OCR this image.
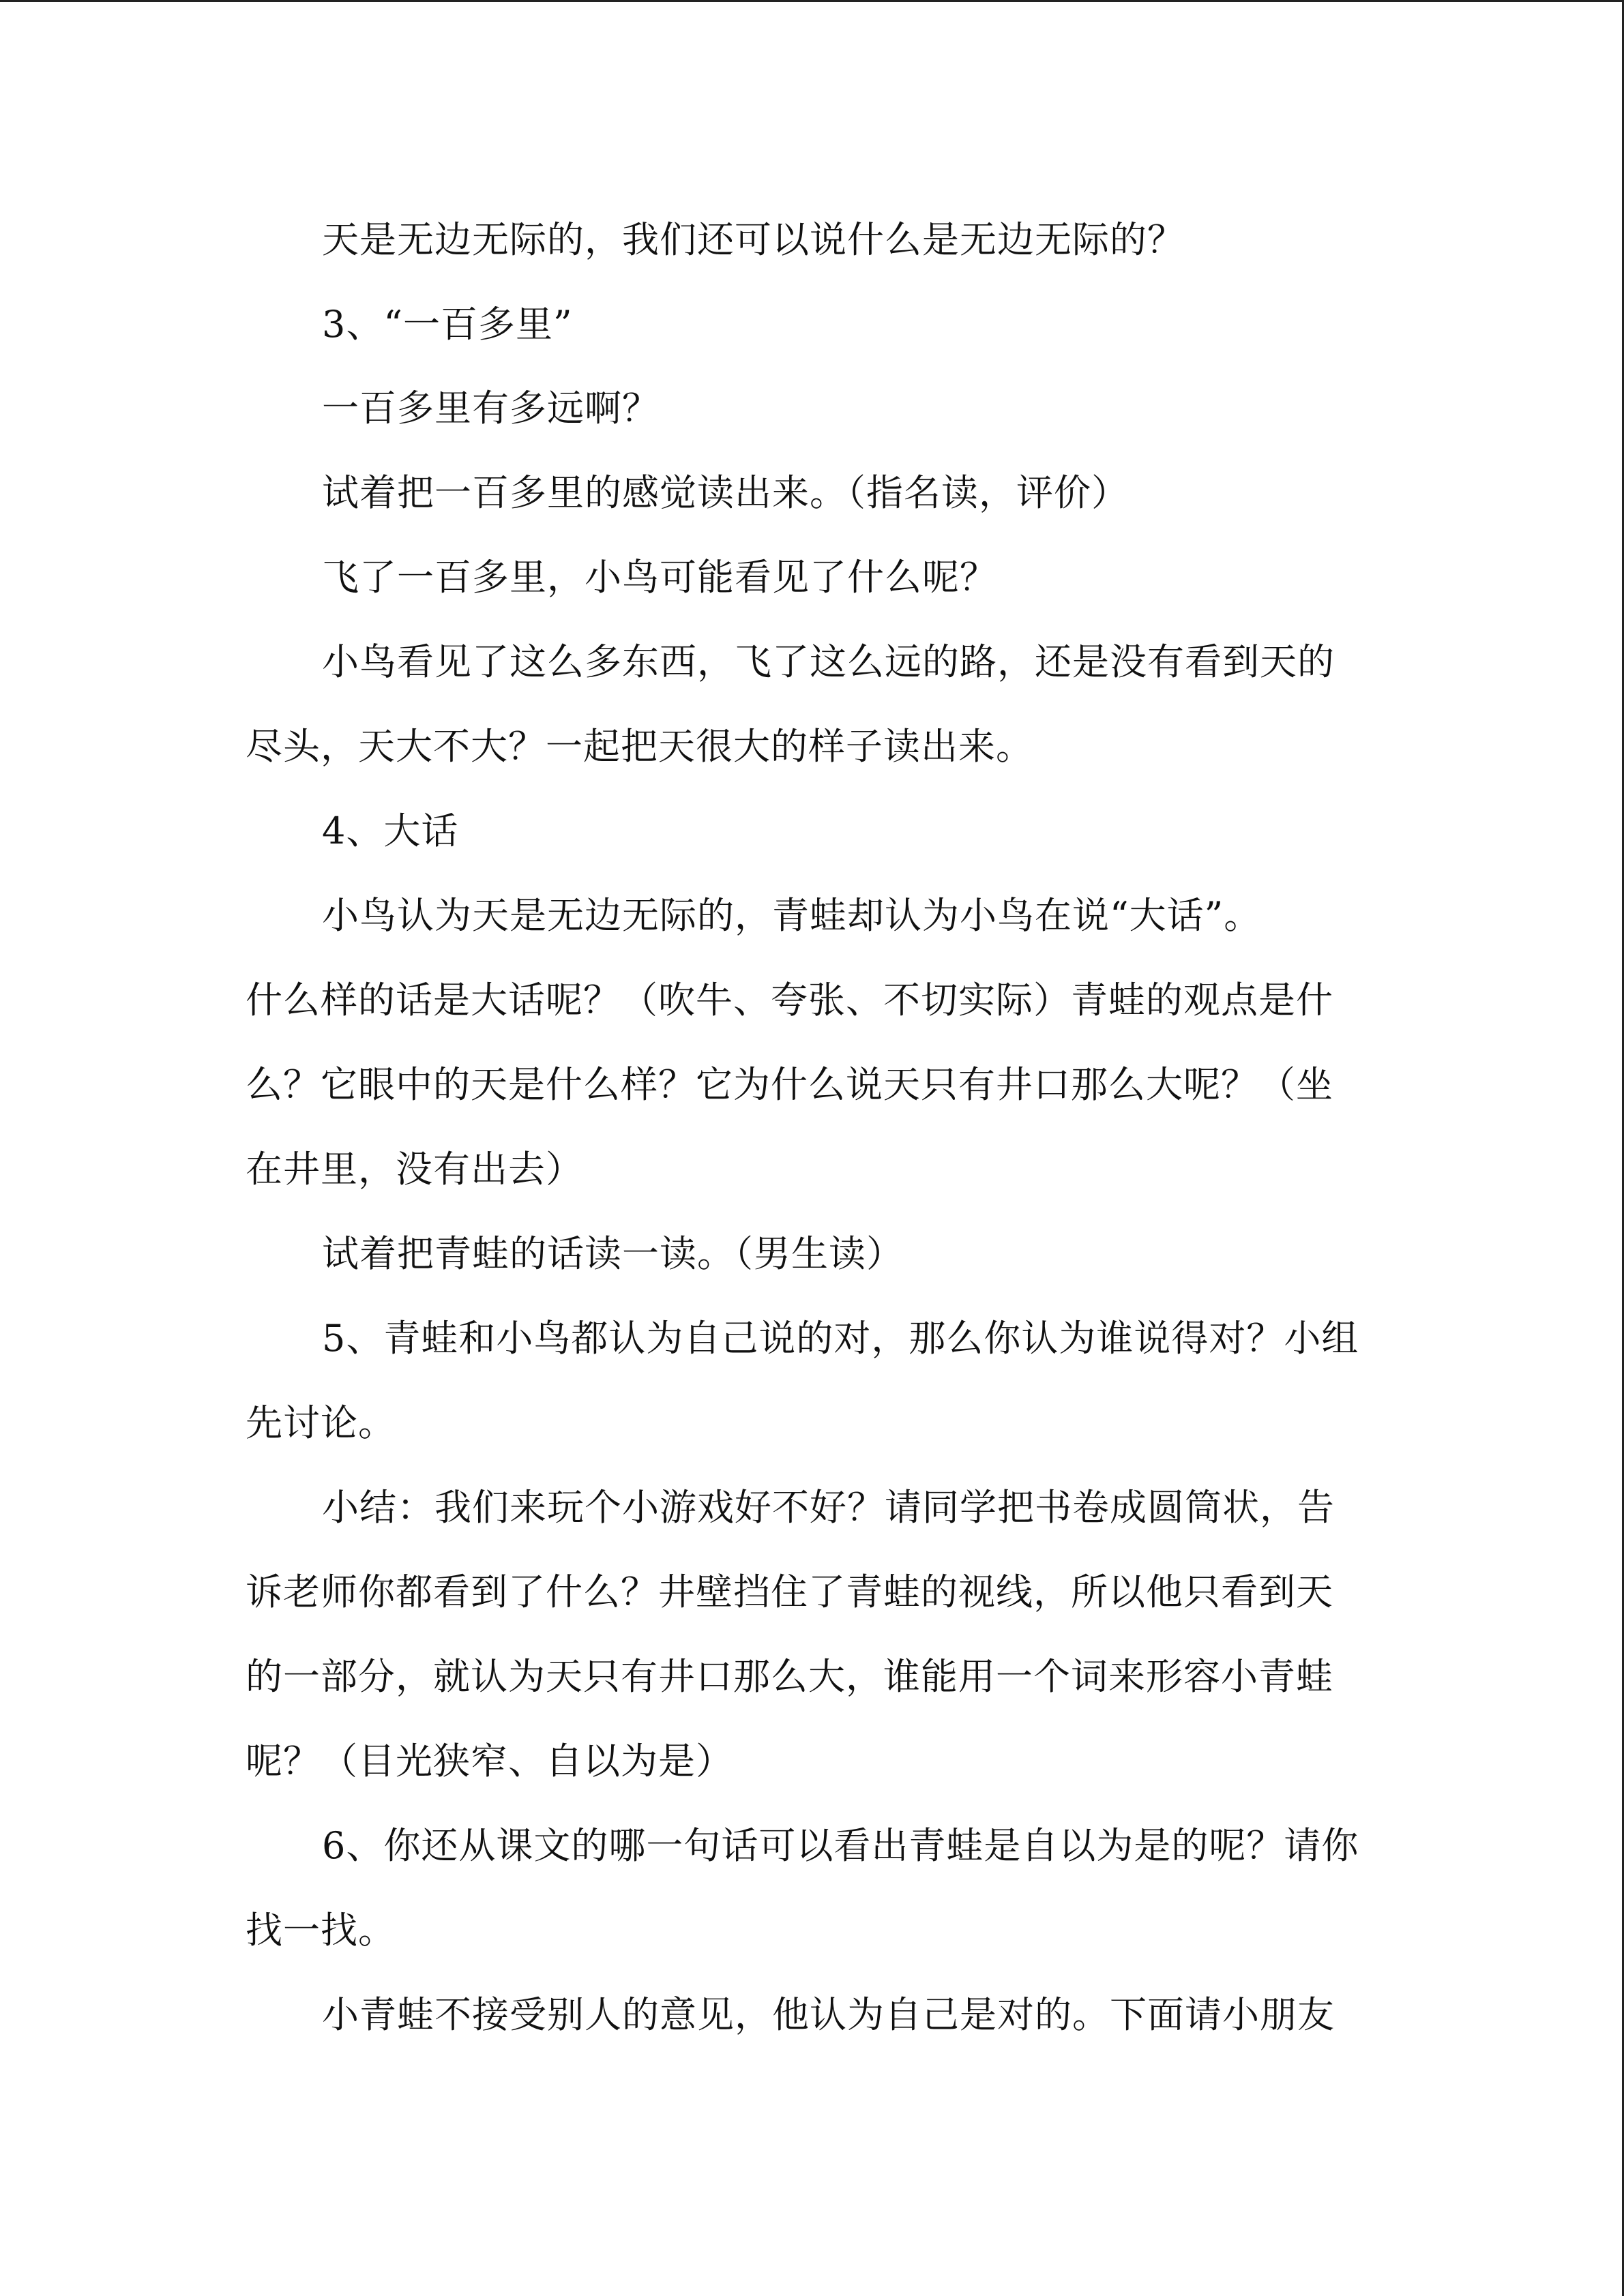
天是无边无际的，我们还可以说什么是无边无际的？
3、“一百多里”
一百多里有多远啊？
试着把一百多里的感觉读出来。（指名读，评价）
飞了一百多里，小鸟可能看见了什么呢？
小鸟看见了这么多东西，飞了这么远的路，还是没有看到天的
尽头，天大不大？一起把天很大的样子读出来。
4、大话
小鸟认为天是无边无际的，青蛙却认为小鸟在说“大话”。
什么样的话是大话呢？（吹牛、夸张、不切实际）青蛙的观点是什
么？它眼中的天是什么样？它为什么说天只有井口那么大呢？（坐
在井里，没有出去）
试着把青蛙的话读一读。（男生读）
5、青蛙和小鸟都认为自己说的对，那么你认为谁说得对？小组
先讨论。
小结：我们来玩个小游戏好不好？请同学把书卷成圆筒状，告
诉老师你都看到了什么？井壁挡住了青蛙的视线，所以他只看到天
的一部分，就认为天只有井口那么大，谁能用一个词来形容小青蛙
呢？（目光狭窄、自以为是）
6、你还从课文的哪一句话可以看出青蛙是自以为是的呢？请你
找一找。
小青蛙不接受别人的意见，他认为自己是对的。下面请小朋友
